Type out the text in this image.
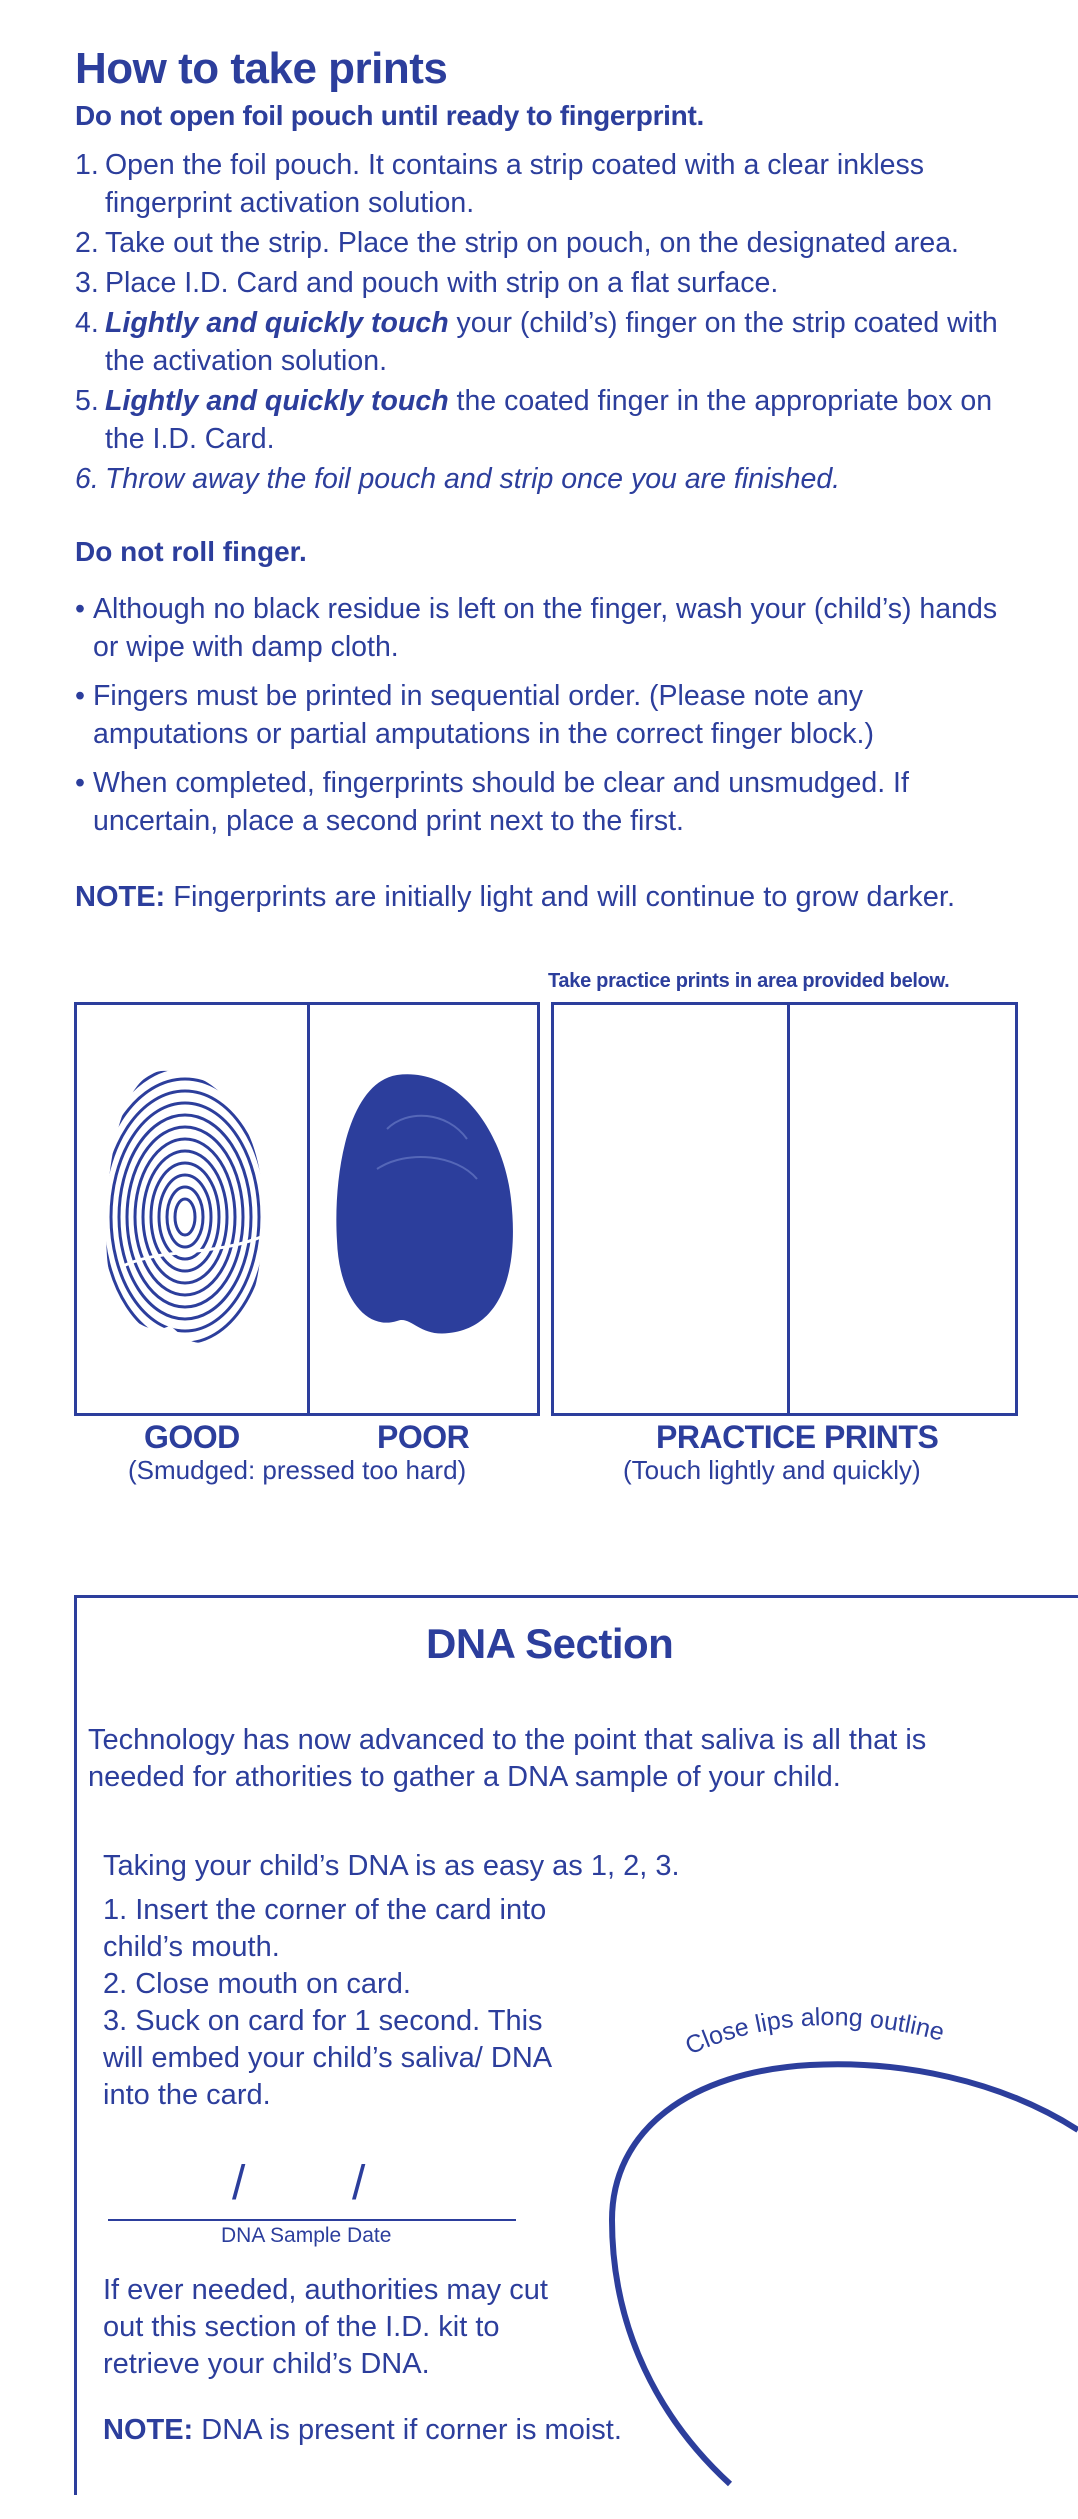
How to take prints
Do not open foil pouch until ready to fingerprint.
1. Open the foil pouch. It contains a strip coated with a clear inkless fingerprint activation solution.
2. Take out the strip. Place the strip on pouch, on the designated area.
3. Place I.D. Card and pouch with strip on a flat surface.
4. Lightly and quickly touch your (child’s) finger on the strip coated with the activation solution.
5. Lightly and quickly touch the coated finger in the appropriate box on the I.D. Card.
6. Throw away the foil pouch and strip once you are finished.
Do not roll finger.
• Although no black residue is left on the finger, wash your (child’s) hands or wipe with damp cloth.
• Fingers must be printed in sequential order. (Please note any amputations or partial amputations in the correct finger block.)
• When completed, fingerprints should be clear and unsmudged. If uncertain, place a second print next to the first.
NOTE: Fingerprints are initially light and will continue to grow darker.
Take practice prints in area provided below.
GOOD	POOR
(Smudged: pressed too hard)
PRACTICE PRINTS
(Touch lightly and quickly)
DNA Section
Technology has now advanced to the point that saliva is all that is needed for athorities to gather a DNA sample of your child.
Taking your child’s DNA is as easy as 1, 2, 3.
1. Insert the corner of the card into child’s mouth.
2. Close mouth on card.
3. Suck on card for 1 second. This will embed your child’s saliva/ DNA into the card.
/ /
DNA Sample Date
If ever needed, authorities may cut out this section of the I.D. kit to retrieve your child’s DNA.
NOTE: DNA is present if corner is moist.
Close lips along outline
